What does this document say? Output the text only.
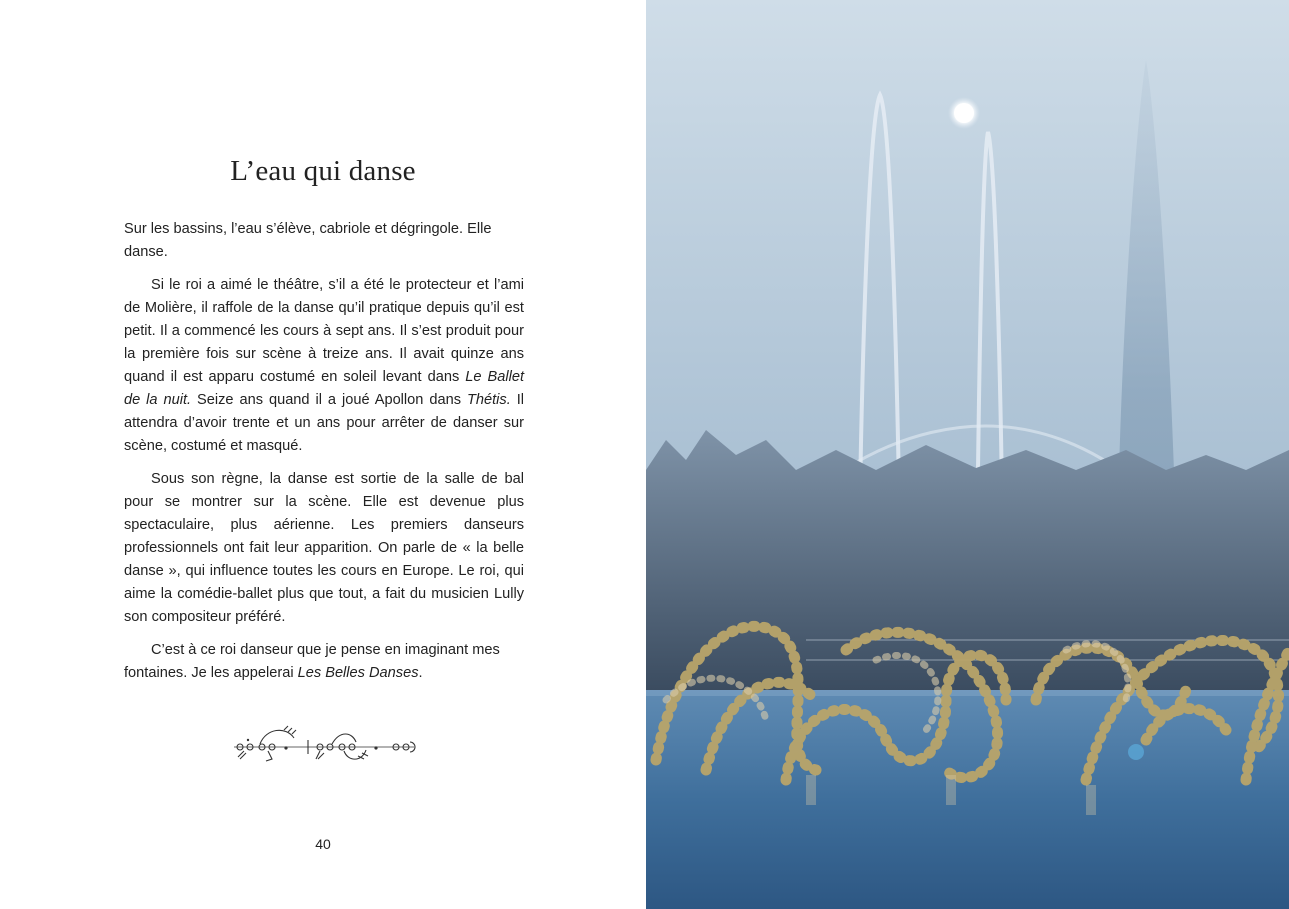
L’eau qui danse

Sur les bassins, l’eau s’élève, cabriole et dégringole. Elle danse.

Si le roi a aimé le théâtre, s’il a été le protecteur et l’ami de Molière, il raffole de la danse qu’il pratique depuis qu’il est petit. Il a commencé les cours à sept ans. Il s’est produit pour la première fois sur scène à treize ans. Il avait quinze ans quand il est apparu costumé en soleil levant dans Le Ballet de la nuit. Seize ans quand il a joué Apollon dans Thétis. Il attendra d’avoir trente et un ans pour arrêter de danser sur scène, costumé et masqué.

Sous son règne, la danse est sortie de la salle de bal pour se montrer sur la scène. Elle est devenue plus spectaculaire, plus aérienne. Les premiers danseurs professionnels ont fait leur apparition. On parle de « la belle danse », qui influence toutes les cours en Europe. Le roi, qui aime la comédie-ballet plus que tout, a fait du musicien Lully son compositeur préféré.

C’est à ce roi danseur que je pense en imaginant mes fontaines. Je les appelerai Les Belles Danses.

40
